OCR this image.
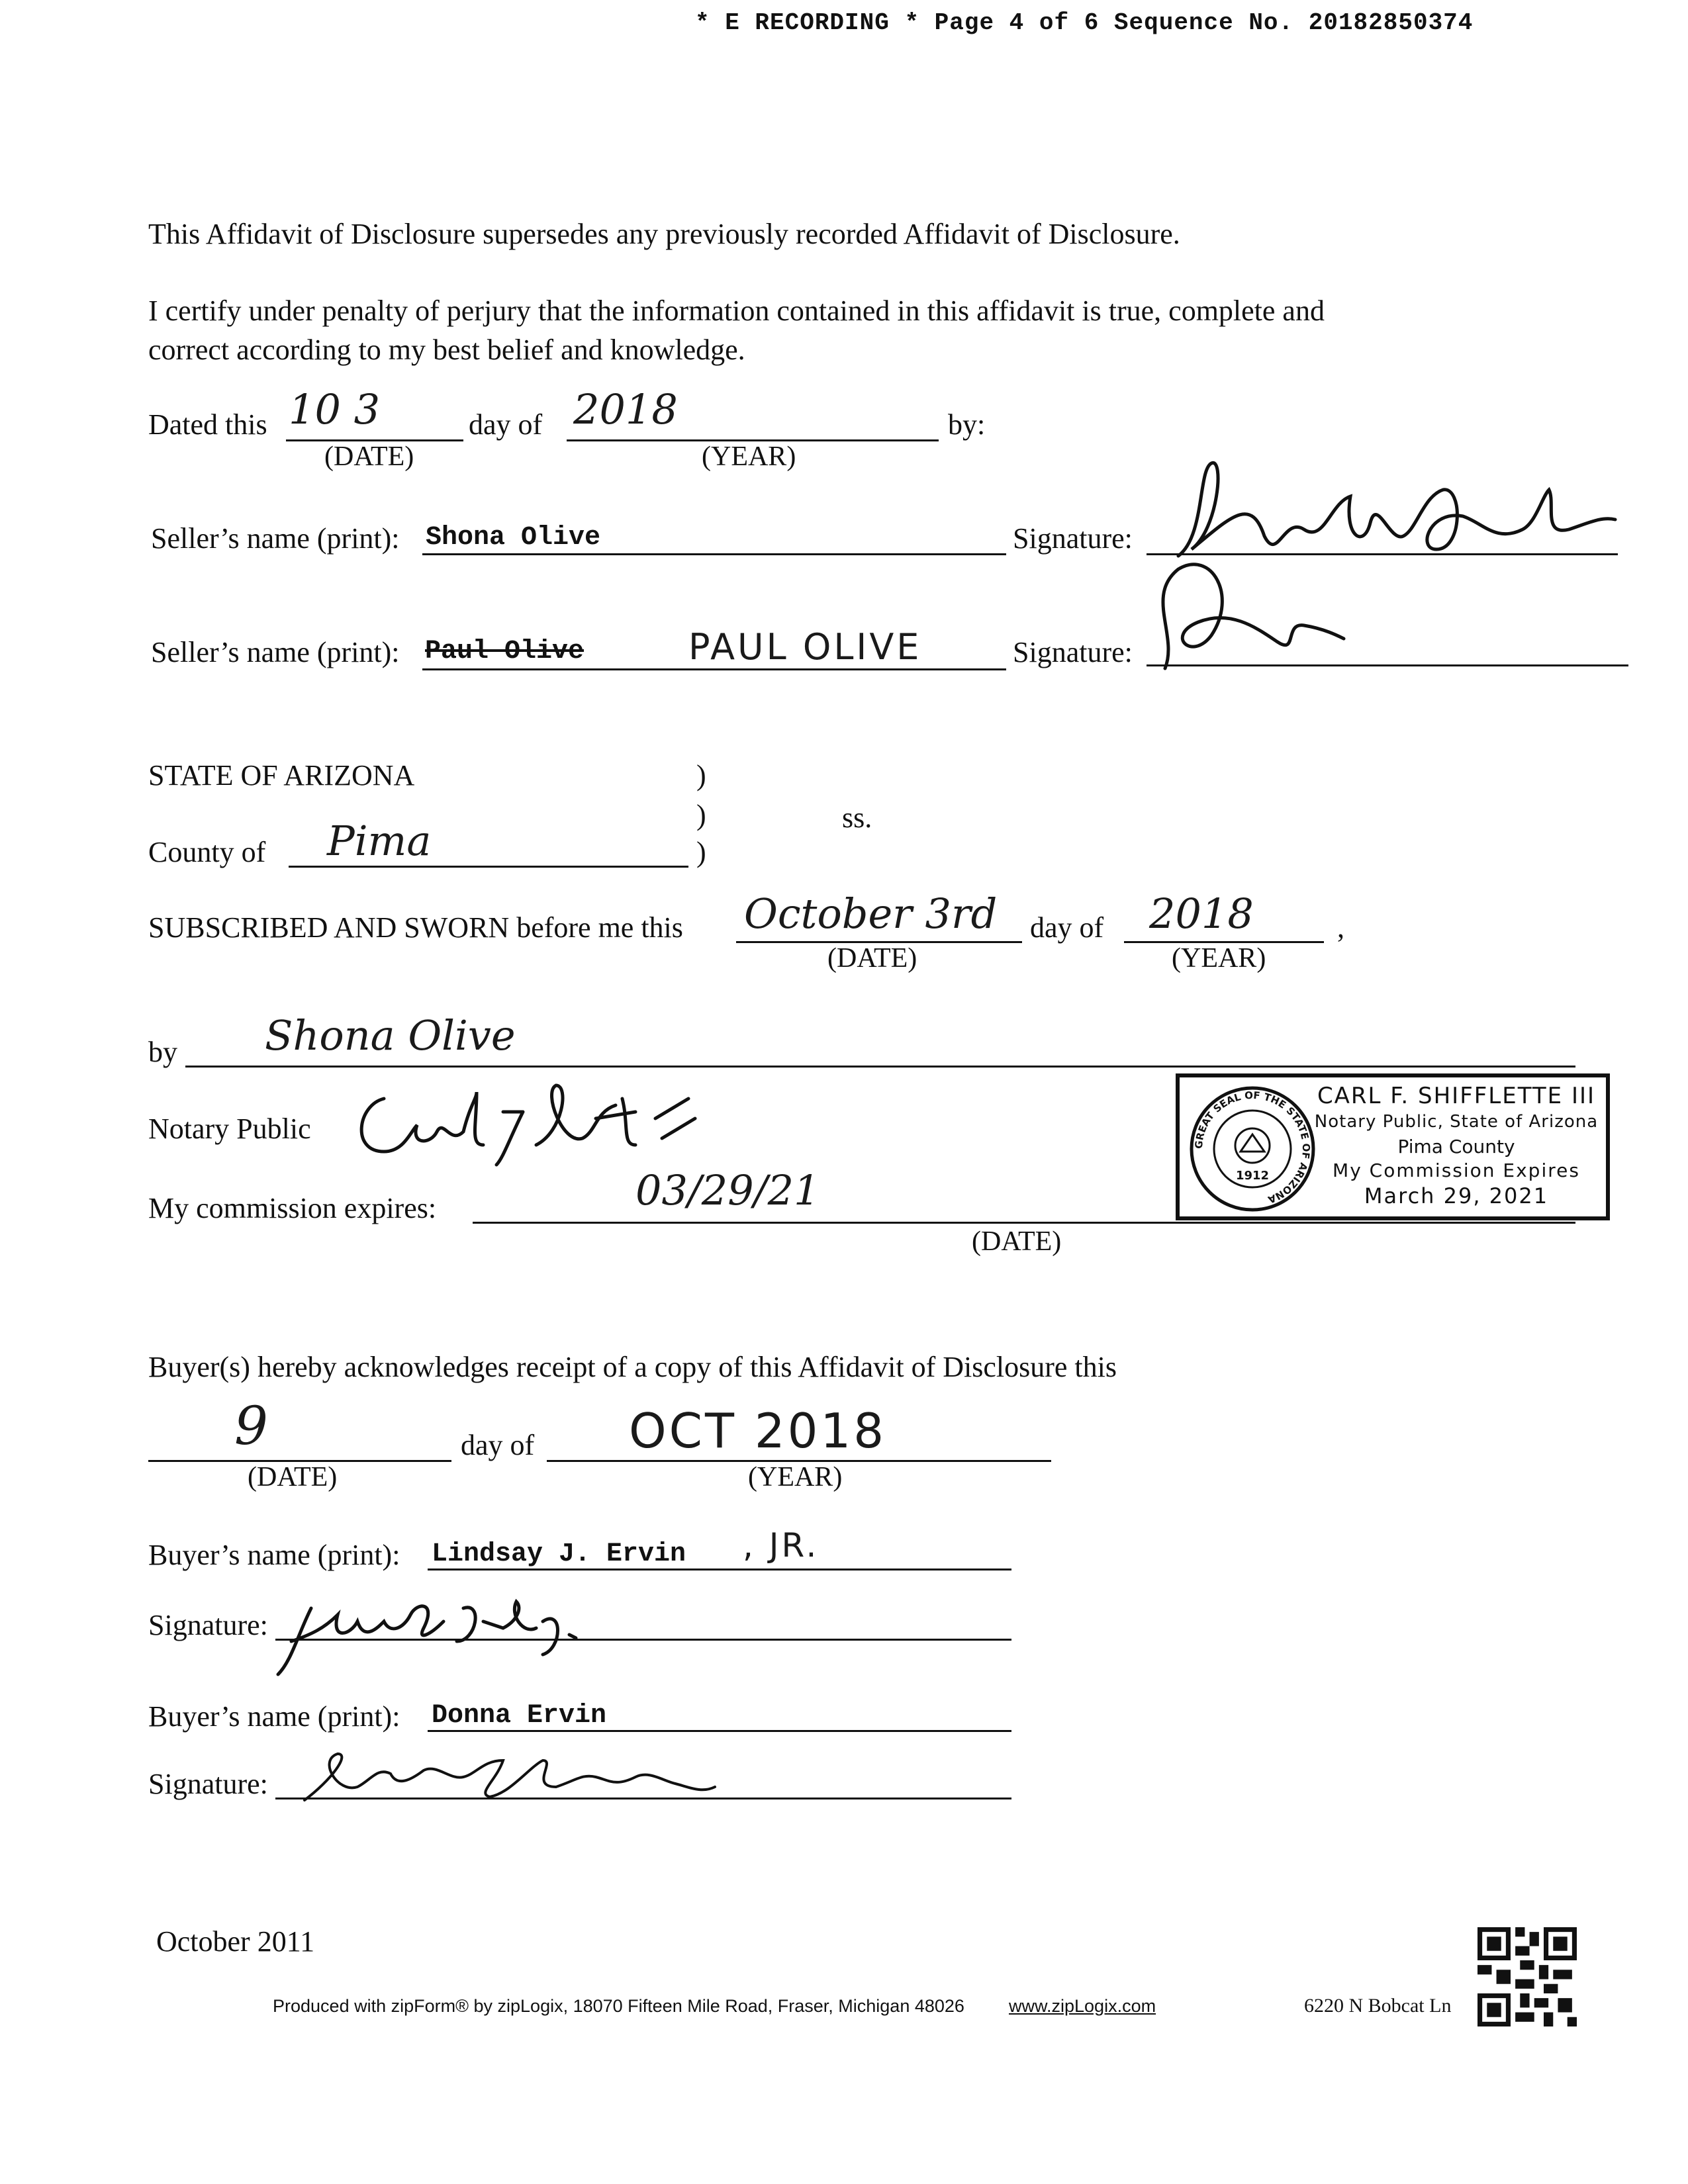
* E RECORDING * Page 4 of 6 Sequence No. 20182850374
This Affidavit of Disclosure supersedes any previously recorded Affidavit of Disclosure.
I certify under penalty of perjury that the information contained in this affidavit is true, complete and
correct according to my best belief and knowledge.
Dated this 10 3
(DATE)
day of 2018
(YEAR)
by:
Seller’s name (print): Shona Olive	Signature:
Seller’s name (print): Paul Olive	PAUL OLIVE	Signature:
STATE OF ARIZONA	)
)	ss.
County of Pima	)
SUBSCRIBED AND SWORN before me this October 3rd
(DATE)
day of 2018
(YEAR)
,
by Shona Olive
Notary Public
My commission expires:	03/29/21
(DATE)
GREAT SEAL OF THE STATE OF ARIZONA
1912
CARL F. SHIFFLETTE III
Notary Public, State of Arizona
Pima County
My Commission Expires
March 29, 2021
Buyer(s) hereby acknowledges receipt of a copy of this Affidavit of Disclosure this
9
(DATE)
day of OCT 2018
(YEAR)
Buyer’s name (print): Lindsay J. Ervin , JR.
Signature:
Buyer’s name (print): Donna Ervin
Signature:
October 2011
Produced with zipForm® by zipLogix, 18070 Fifteen Mile Road, Fraser, Michigan 48026 www.zipLogix.com	6220 N Bobcat Ln
